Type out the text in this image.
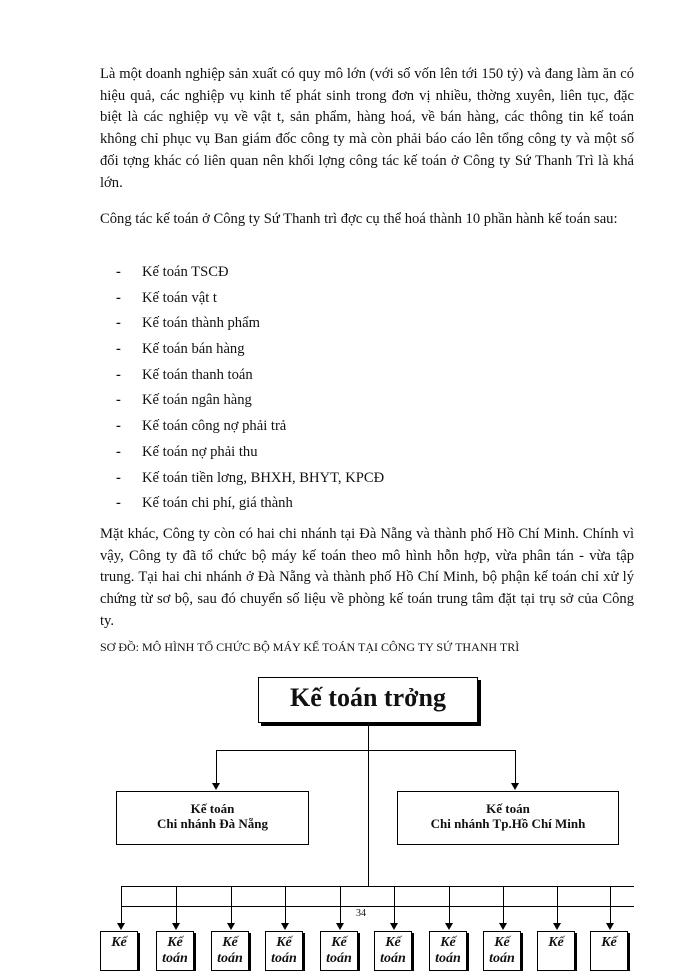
Là một doanh nghiệp sản xuất có quy mô lớn (với số vốn lên tới 150 tỷ) và đang làm ăn có hiệu quả, các nghiệp vụ kinh tế phát sinh trong đơn vị nhiều, thờng xuyên, liên tục, đặc biệt là các nghiệp vụ về vật t, sản phẩm, hàng hoá, về bán hàng, các thông tin kế toán không chỉ phục vụ Ban giám đốc công ty mà còn phải báo cáo lên tổng công ty và một số đối tợng khác có liên quan nên khối lợng công tác kế toán ở Công ty Sứ Thanh Trì là khá lớn.

Công tác kế toán ở Công ty Sứ Thanh trì đợc cụ thể hoá thành 10 phần hành kế toán sau:

- Kế toán TSCĐ
- Kế toán vật t
- Kế toán thành phẩm
- Kế toán bán hàng
- Kế toán thanh toán
- Kế toán ngân hàng
- Kế toán công nợ phải trả
- Kế toán nợ phải thu
- Kế toán tiền lơng, BHXH, BHYT, KPCĐ
- Kế toán chi phí, giá thành

Mặt khác, Công ty còn có hai chi nhánh tại Đà Nẵng và thành phố Hồ Chí Minh. Chính vì vậy, Công ty đã tổ chức bộ máy kế toán theo mô hình hỗn hợp, vừa phân tán - vừa tập trung. Tại hai chi nhánh ở Đà Nẵng và thành phố Hồ Chí Minh, bộ phận kế toán chỉ xử lý chứng từ sơ bộ, sau đó chuyển số liệu về phòng kế toán trung tâm đặt tại trụ sở của Công ty.

SƠ ĐỒ: MÔ HÌNH TỔ CHỨC BỘ MÁY KẾ TOÁN TẠI CÔNG TY SỨ THANH TRÌ

Kế toán trởng
Kế toán
Chi nhánh Đà Nẵng
Kế toán
Chi nhánh Tp.Hồ Chí Minh
34
Kế	Kế
toán
Kế
toán
Kế
toán
Kế
toán
Kế
toán
Kế
toán
Kế
toán
Kế	Kế
